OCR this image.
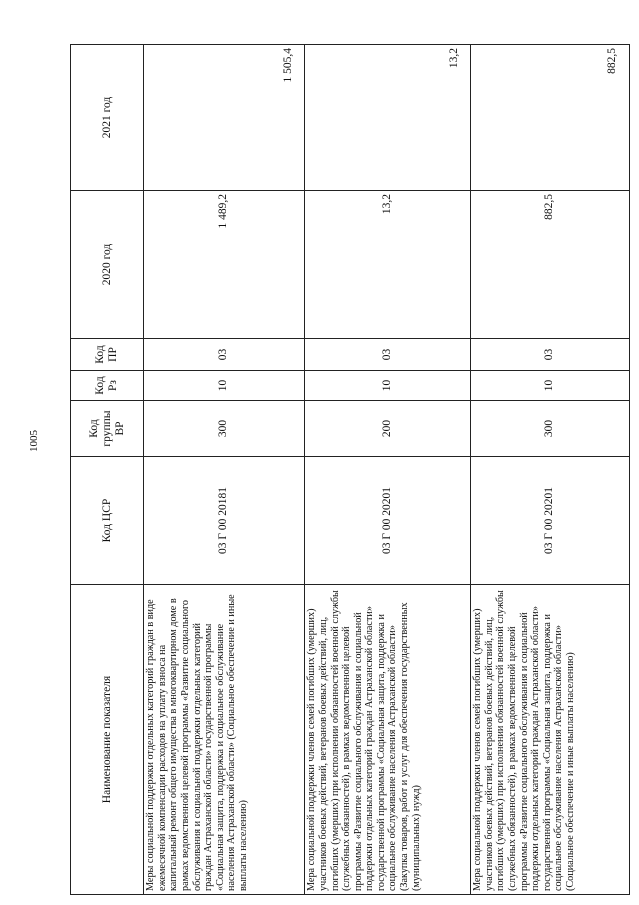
1005
Наименование показателя	Код ЦСР	Код группы ВР	Код Рз	Код ПР	2020 год	2021 год
Меры социальной поддержки отдельных категорий граждан в виде ежемесячной компенсации расходов на уплату взноса на капитальный ремонт общего имущества в многоквартирном доме в рамках ведомственной целевой программы «Развитие социального обслуживания и социальной поддержки отдельных категорий граждан Астраханской области» государственной программы «Социальная защита, поддержка и социальное обслуживание населения Астраханской области» (Социальное обеспечение и иные выплаты населению)	03 Г 00 20181	300	10	03	1 489,2	1 505,4
Мера социальной поддержки членов семей погибших (умерших) участников боевых действий, ветеранов боевых действий, лиц, погибших (умерших) при исполнении обязанностей военной службы (служебных обязанностей), в рамках ведомственной целевой программы «Развитие социального обслуживания и социальной поддержки отдельных категорий граждан Астраханской области» государственной программы «Социальная защита, поддержка и социальное обслуживание населения Астраханской области» (Закупка товаров, работ и услуг для обеспечения государственных (муниципальных) нужд)	03 Г 00 20201	200	10	03	13,2	13,2
Мера социальной поддержки членов семей погибших (умерших) участников боевых действий, ветеранов боевых действий, лиц, погибших (умерших) при исполнении обязанностей военной службы (служебных обязанностей), в рамках ведомственной целевой программы «Развитие социального обслуживания и социальной поддержки отдельных категорий граждан Астраханской области» государственной программы «Социальная защита, поддержка и социальное обслуживание населения Астраханской области» (Социальное обеспечение и иные выплаты населению)	03 Г 00 20201	300	10	03	882,5	882,5
